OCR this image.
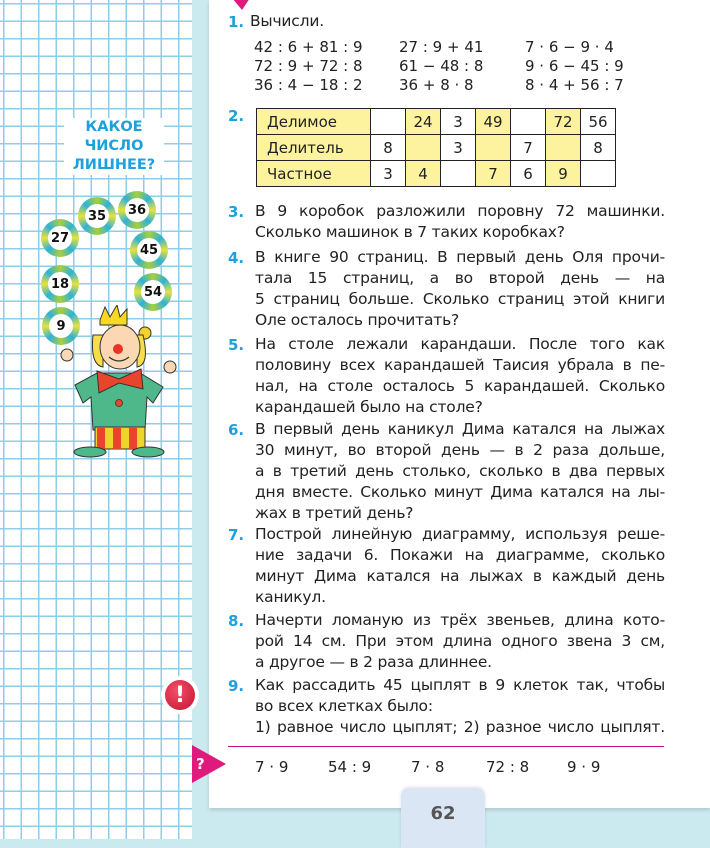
КАКОЕ
ЧИСЛО
ЛИШНЕЕ?
35 36
27
45
18
54
9
1. Вычисли.
42 : 6 + 81 : 9
72 : 9 + 72 : 8
36 : 4 − 18 : 2
27 : 9 + 41
61 − 48 : 8
36 + 8 · 8
7 · 6 − 9 · 4
9 · 6 − 45 : 9
8 · 4 + 56 : 7
2. Делимое		24	3	49		72	56
Делитель	8		3		7		8
Частное	3	4		7	6	9	
3. В 9 коробок разложили поровну 72 машинки.
Сколько машинок в 7 таких коробках?
4. В книге 90 страниц. В первый день Оля прочи-
тала 15 страниц, а во второй день — на
5 страниц больше. Сколько страниц этой книги
Оле осталось прочитать?
5. На столе лежали карандаши. После того как
половину всех карандашей Таисия убрала в пе-
нал, на столе осталось 5 карандашей. Сколько
карандашей было на столе?
6. В первый день каникул Дима катался на лыжах
30 минут, во второй день — в 2 раза дольше,
а в третий день столько, сколько в два первых
дня вместе. Сколько минут Дима катался на лы-
жах в третий день?
7. Построй линейную диаграмму, используя реше-
ние задачи 6. Покажи на диаграмме, сколько
минут Дима катался на лыжах в каждый день
каникул.
8. Начерти ломаную из трёх звеньев, длина кото-
рой 14 см. При этом длина одного звена 3 см,
а другое — в 2 раза длиннее.
!	9. Как рассадить 45 цыплят в 9 клеток так, чтобы
во всех клетках было:
1) равное число цыплят; 2) разное число цыплят.
?	7 · 9	54 : 9	7 · 8	72 : 8	9 · 9
62
